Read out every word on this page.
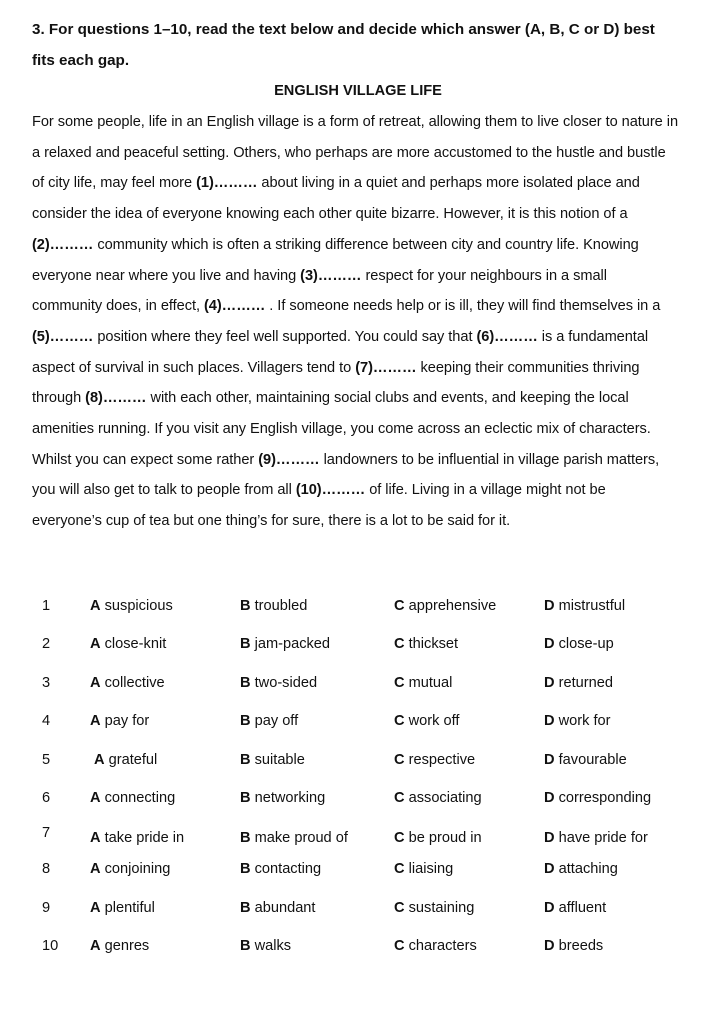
3. For questions 1–10, read the text below and decide which answer (A, B, C or D) best fits each gap.

ENGLISH VILLAGE LIFE

For some people, life in an English village is a form of retreat, allowing them to live closer to nature in a relaxed and peaceful setting. Others, who perhaps are more accustomed to the hustle and bustle of city life, may feel more (1)……… about living in a quiet and perhaps more isolated place and consider the idea of everyone knowing each other quite bizarre. However, it is this notion of a (2)……… community which is often a striking difference between city and country life. Knowing everyone near where you live and having (3)……… respect for your neighbours in a small community does, in effect, (4)……… . If someone needs help or is ill, they will find themselves in a (5)……… position where they feel well supported. You could say that (6)……… is a fundamental aspect of survival in such places. Villagers tend to (7)……… keeping their communities thriving through (8)……… with each other, maintaining social clubs and events, and keeping the local amenities running. If you visit any English village, you come across an eclectic mix of characters. Whilst you can expect some rather (9)……… landowners to be influential in village parish matters, you will also get to talk to people from all (10)……… of life. Living in a village might not be everyone’s cup of tea but one thing’s for sure, there is a lot to be said for it.

1	A suspicious	B troubled	C apprehensive	D mistrustful
2	A close-knit	B jam-packed	C thickset	D close-up
3	A collective	B two-sided	C mutual	D returned
4	A pay for	B pay off	C work off	D work for
5	A grateful	B suitable	C respective	D favourable
6	A connecting	B networking	C associating	D corresponding
7	A take pride in	B make proud of	C be proud in	D have pride for
8	A conjoining	B contacting	C liaising	D attaching
9	A plentiful	B abundant	C sustaining	D affluent
10 A genres	B walks	C characters	D breeds
